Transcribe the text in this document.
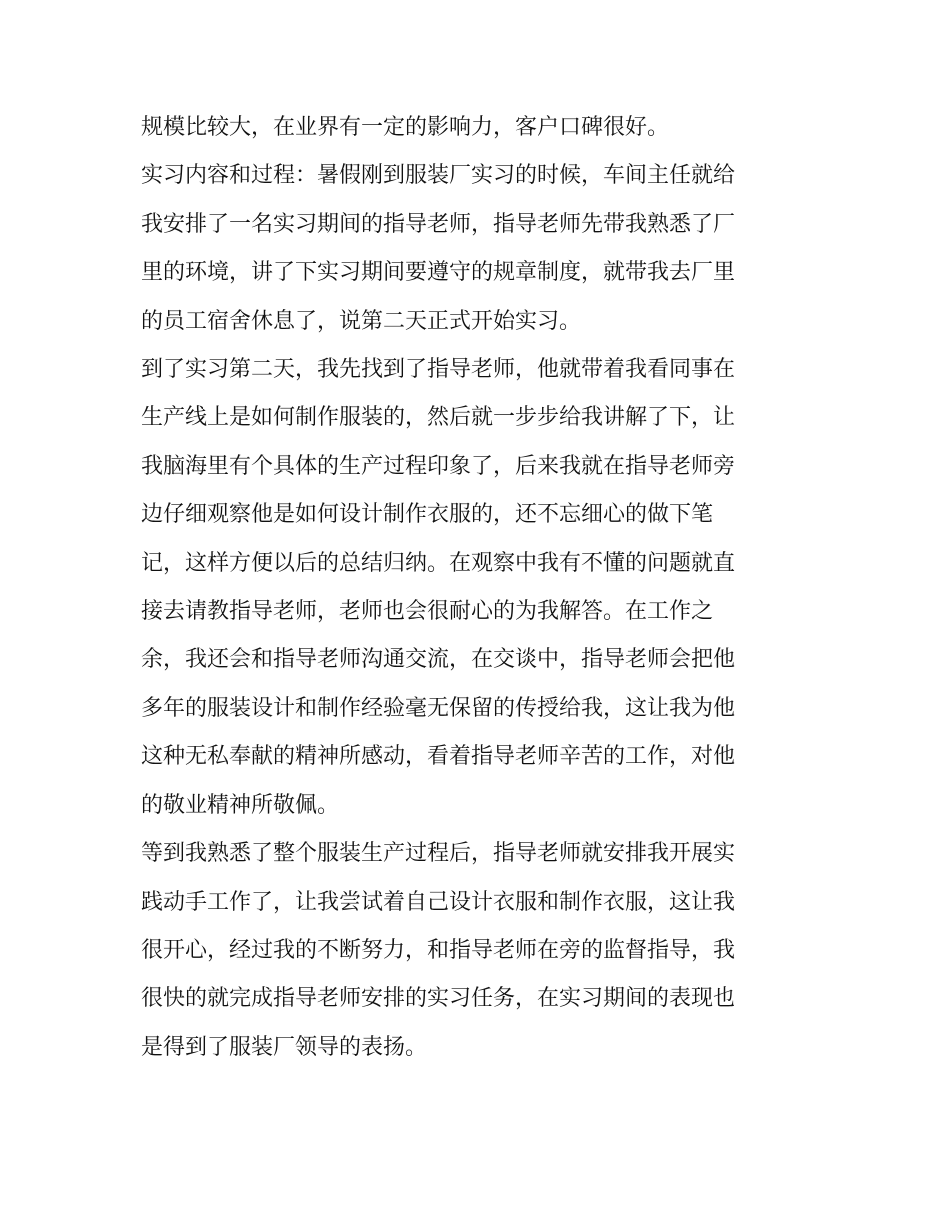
规模比较大，在业界有一定的影响力，客户口碑很好。

实习内容和过程：暑假刚到服装厂实习的时候，车间主任就给

我安排了一名实习期间的指导老师，指导老师先带我熟悉了厂

里的环境，讲了下实习期间要遵守的规章制度，就带我去厂里

的员工宿舍休息了，说第二天正式开始实习。

到了实习第二天，我先找到了指导老师，他就带着我看同事在

生产线上是如何制作服装的，然后就一步步给我讲解了下，让

我脑海里有个具体的生产过程印象了，后来我就在指导老师旁

边仔细观察他是如何设计制作衣服的，还不忘细心的做下笔

记，这样方便以后的总结归纳。在观察中我有不懂的问题就直

接去请教指导老师，老师也会很耐心的为我解答。在工作之

余，我还会和指导老师沟通交流，在交谈中，指导老师会把他

多年的服装设计和制作经验毫无保留的传授给我，这让我为他

这种无私奉献的精神所感动，看着指导老师辛苦的工作，对他

的敬业精神所敬佩。

等到我熟悉了整个服装生产过程后，指导老师就安排我开展实

践动手工作了，让我尝试着自己设计衣服和制作衣服，这让我

很开心，经过我的不断努力，和指导老师在旁的监督指导，我

很快的就完成指导老师安排的实习任务，在实习期间的表现也

是得到了服装厂领导的表扬。
